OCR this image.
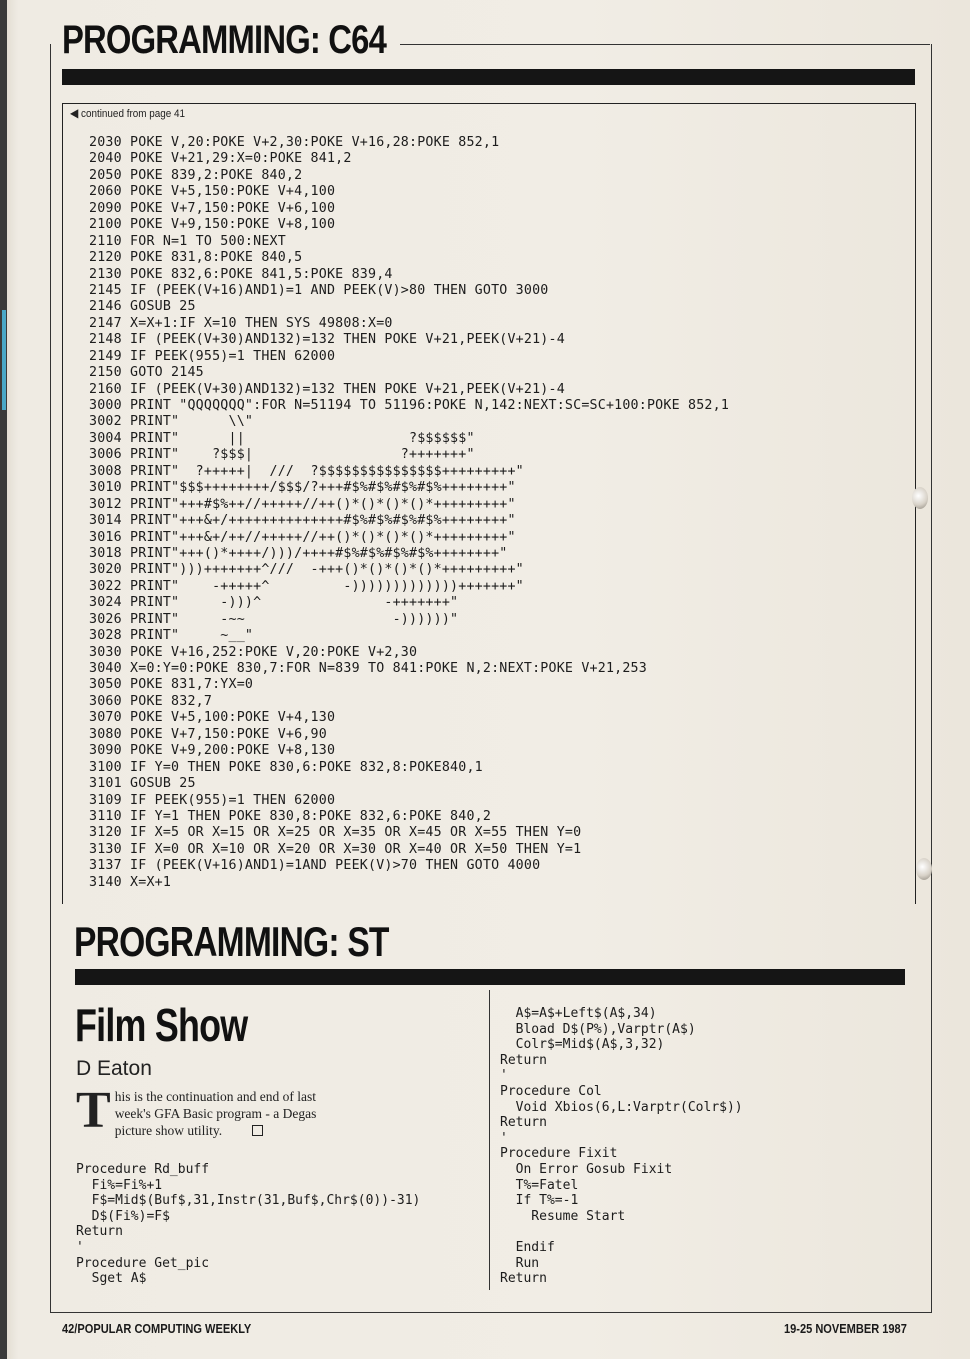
PROGRAMMING: C64
◀ continued from page 41
2030 POKE V,20:POKE V+2,30:POKE V+16,28:POKE 852,1
2040 POKE V+21,29:X=0:POKE 841,2
2050 POKE 839,2:POKE 840,2
2060 POKE V+5,150:POKE V+4,100
2090 POKE V+7,150:POKE V+6,100
2100 POKE V+9,150:POKE V+8,100
2110 FOR N=1 TO 500:NEXT
2120 POKE 831,8:POKE 840,5
2130 POKE 832,6:POKE 841,5:POKE 839,4
2145 IF (PEEK(V+16)AND1)=1 AND PEEK(V)>80 THEN GOTO 3000
2146 GOSUB 25
2147 X=X+1:IF X=10 THEN SYS 49808:X=0
2148 IF (PEEK(V+30)AND132)=132 THEN POKE V+21,PEEK(V+21)-4
2149 IF PEEK(955)=1 THEN 62000
2150 GOTO 2145
2160 IF (PEEK(V+30)AND132)=132 THEN POKE V+21,PEEK(V+21)-4
3000 PRINT "QQQQQQQ":FOR N=51194 TO 51196:POKE N,142:NEXT:SC=SC+100:POKE 852,1
3002 PRINT"      \\"
3004 PRINT"      ||                    ?$$$$$$"
3006 PRINT"    ?$$$|                  ?+++++++"
3008 PRINT"  ?+++++|  ///  ?$$$$$$$$$$$$$$$+++++++++"
3010 PRINT"$$$++++++++/$$$/?+++#$%#$%#$%#$%++++++++"
3012 PRINT"+++#$%++//+++++//++()*()*()*()*+++++++++"
3014 PRINT"+++&+/++++++++++++++#$%#$%#$%#$%++++++++"
3016 PRINT"+++&+/++//+++++//++()*()*()*()*+++++++++"
3018 PRINT"+++()*++++/)))/++++#$%#$%#$%#$%++++++++"
3020 PRINT")))+++++++^///  -+++()*()*()*()*+++++++++"
3022 PRINT"    -+++++^         -)))))))))))))+++++++"
3024 PRINT"     -)))^               -+++++++"
3026 PRINT"     -~~                  -))))))"
3028 PRINT"     ~__"
3030 POKE V+16,252:POKE V,20:POKE V+2,30
3040 X=0:Y=0:POKE 830,7:FOR N=839 TO 841:POKE N,2:NEXT:POKE V+21,253
3050 POKE 831,7:YX=0
3060 POKE 832,7
3070 POKE V+5,100:POKE V+4,130
3080 POKE V+7,150:POKE V+6,90
3090 POKE V+9,200:POKE V+8,130
3100 IF Y=0 THEN POKE 830,6:POKE 832,8:POKE840,1
3101 GOSUB 25
3109 IF PEEK(955)=1 THEN 62000
3110 IF Y=1 THEN POKE 830,8:POKE 832,6:POKE 840,2
3120 IF X=5 OR X=15 OR X=25 OR X=35 OR X=45 OR X=55 THEN Y=0
3130 IF X=0 OR X=10 OR X=20 OR X=30 OR X=40 OR X=50 THEN Y=1
3137 IF (PEEK(V+16)AND1)=1AND PEEK(V)>70 THEN GOTO 4000
3140 X=X+1
PROGRAMMING: ST
Film Show
D Eaton
This is the continuation and end of last week's GFA Basic program - a Degas picture show utility.
Procedure Rd_buff
Fi%=Fi%+1
F$=Mid$(Buf$,31,Instr(31,Buf$,Chr$(0))-31)
D$(Fi%)=F$
Return
'
Procedure Get_pic
Sget A$
A$=A$+Left$(A$,34)
Bload D$(P%),Varptr(A$)
Colr$=Mid$(A$,3,32)
Return
'
Procedure Col
Void Xbios(6,L:Varptr(Colr$))
Return
'
Procedure Fixit
On Error Gosub Fixit
T%=Fatel
If T%=-1
Resume Start
Endif
Run
Return
42/POPULAR COMPUTING WEEKLY	19-25 NOVEMBER 1987
